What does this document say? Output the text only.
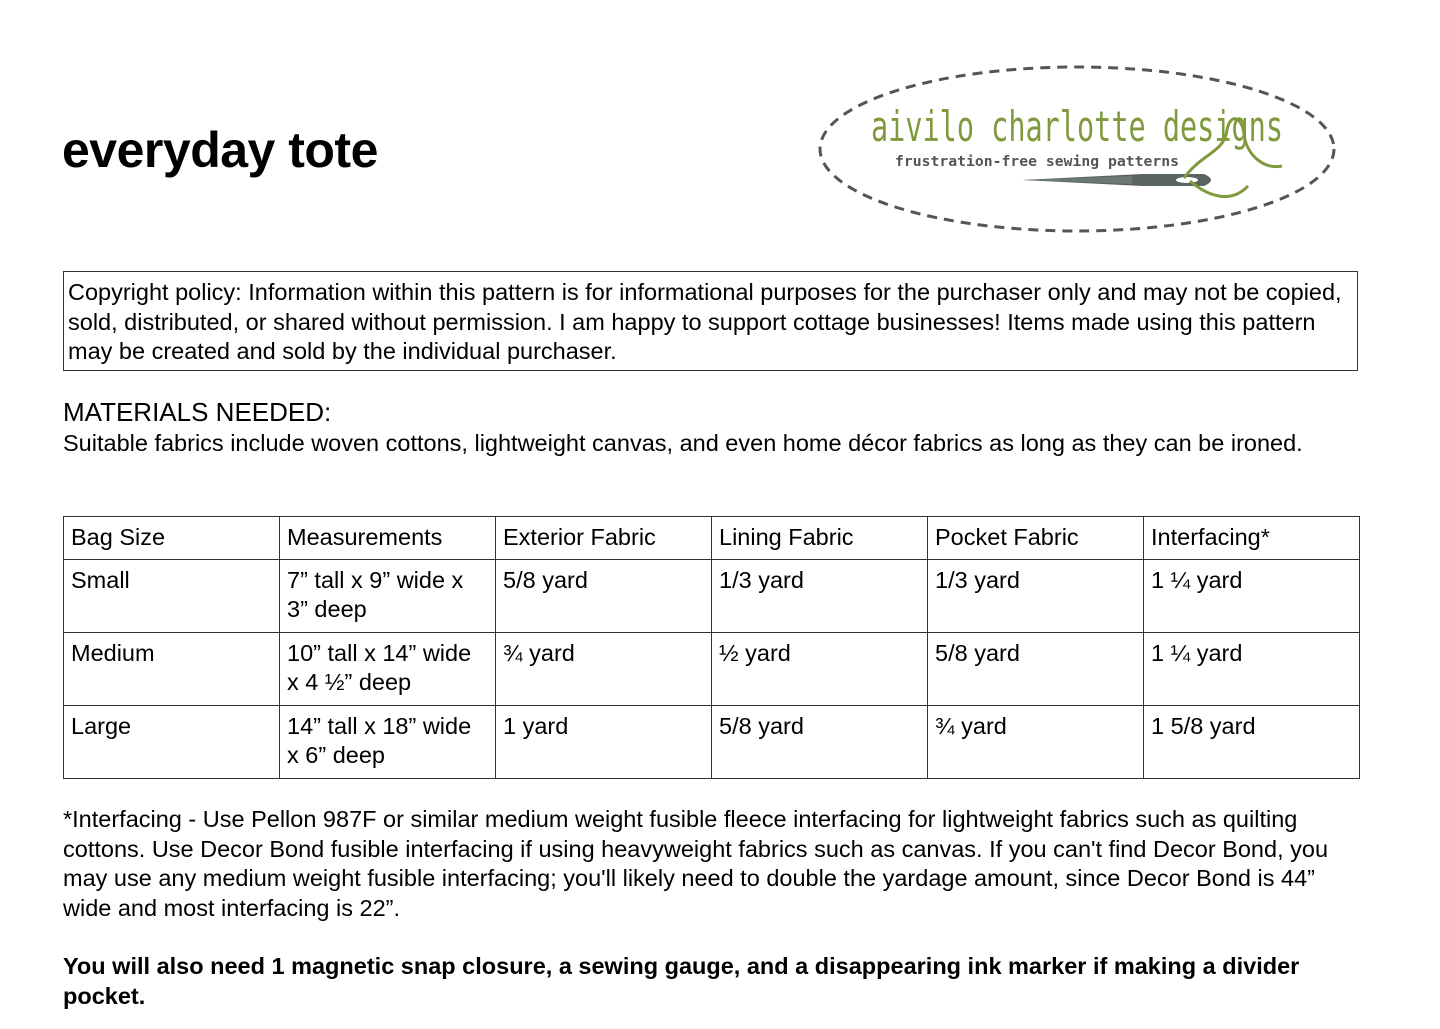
everyday tote	aivilo charlotte designs
frustration-free sewing patterns
Copyright policy: Information within this pattern is for informational purposes for the purchaser only and may not be copied, sold, distributed, or shared without permission. I am happy to support cottage businesses! Items made using this pattern may be created and sold by the individual purchaser.
MATERIALS NEEDED:
Suitable fabrics include woven cottons, lightweight canvas, and even home décor fabrics as long as they can be ironed.
Bag Size	Measurements	Exterior Fabric	Lining Fabric	Pocket Fabric	Interfacing*
Small	7” tall x 9” wide x 3” deep	5/8 yard	1/3 yard	1/3 yard	1 ¼ yard
Medium	10” tall x 14” wide x 4 ½” deep	¾ yard	½ yard	5/8 yard	1 ¼ yard
Large	14” tall x 18” wide x 6” deep	1 yard	5/8 yard	¾ yard	1 5/8 yard
*Interfacing - Use Pellon 987F or similar medium weight fusible fleece interfacing for lightweight fabrics such as quilting cottons. Use Decor Bond fusible interfacing if using heavyweight fabrics such as canvas. If you can't find Decor Bond, you may use any medium weight fusible interfacing; you'll likely need to double the yardage amount, since Decor Bond is 44” wide and most interfacing is 22”.
You will also need 1 magnetic snap closure, a sewing gauge, and a disappearing ink marker if making a divider pocket.
